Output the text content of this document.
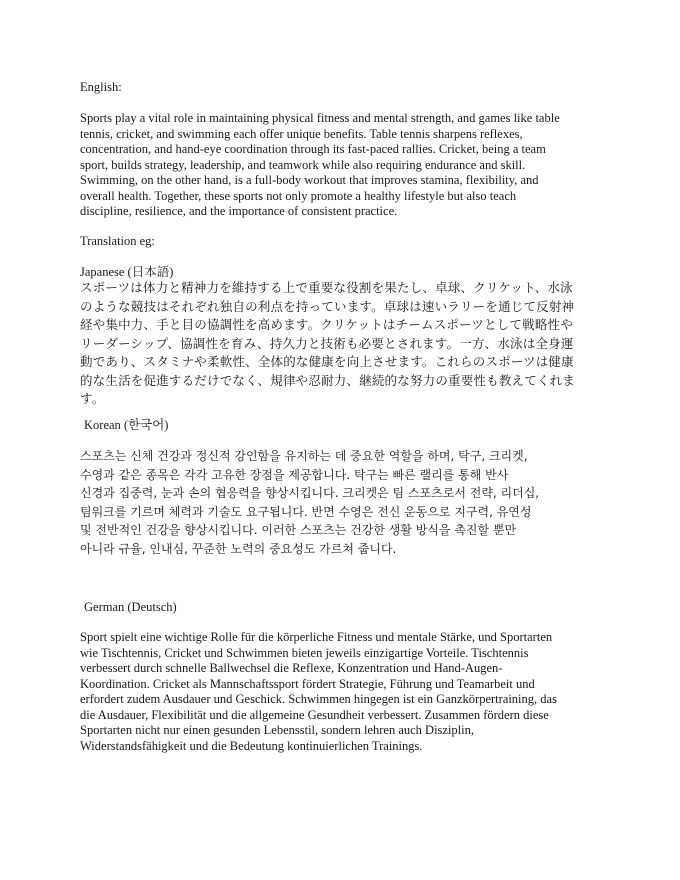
English:

Sports play a vital role in maintaining physical fitness and mental strength, and games like table
tennis, cricket, and swimming each offer unique benefits. Table tennis sharpens reflexes,
concentration, and hand-eye coordination through its fast-paced rallies. Cricket, being a team
sport, builds strategy, leadership, and teamwork while also requiring endurance and skill.
Swimming, on the other hand, is a full-body workout that improves stamina, flexibility, and
overall health. Together, these sports not only promote a healthy lifestyle but also teach
discipline, resilience, and the importance of consistent practice.

Translation eg:

Japanese (日本語)

スポーツは体力と精神力を維持する上で重要な役割を果たし、卓球、クリケット、水泳
のような競技はそれぞれ独自の利点を持っています。卓球は速いラリーを通じて反射神
経や集中力、手と目の協調性を高めます。クリケットはチームスポーツとして戦略性や
リーダーシップ、協調性を育み、持久力と技術も必要とされます。一方、水泳は全身運
動であり、スタミナや柔軟性、全体的な健康を向上させます。これらのスポーツは健康
的な生活を促進するだけでなく、規律や忍耐力、継続的な努力の重要性も教えてくれま
す。

Korean (한국어)

스포츠는 신체 건강과 정신적 강인함을 유지하는 데 중요한 역할을 하며, 탁구, 크리켓,
수영과 같은 종목은 각각 고유한 장점을 제공합니다. 탁구는 빠른 랠리를 통해 반사
신경과 집중력, 눈과 손의 협응력을 향상시킵니다. 크리켓은 팀 스포츠로서 전략, 리더십,
팀워크를 기르며 체력과 기술도 요구됩니다. 반면 수영은 전신 운동으로 지구력, 유연성
및 전반적인 건강을 향상시킵니다. 이러한 스포츠는 건강한 생활 방식을 촉진할 뿐만
아니라 규율, 인내심, 꾸준한 노력의 중요성도 가르쳐 줍니다.

German (Deutsch)

Sport spielt eine wichtige Rolle für die körperliche Fitness und mentale Stärke, und Sportarten
wie Tischtennis, Cricket und Schwimmen bieten jeweils einzigartige Vorteile. Tischtennis
verbessert durch schnelle Ballwechsel die Reflexe, Konzentration und Hand-Augen-
Koordination. Cricket als Mannschaftssport fördert Strategie, Führung und Teamarbeit und
erfordert zudem Ausdauer und Geschick. Schwimmen hingegen ist ein Ganzkörpertraining, das
die Ausdauer, Flexibilität und die allgemeine Gesundheit verbessert. Zusammen fördern diese
Sportarten nicht nur einen gesunden Lebensstil, sondern lehren auch Disziplin,
Widerstandsfähigkeit und die Bedeutung kontinuierlichen Trainings.
